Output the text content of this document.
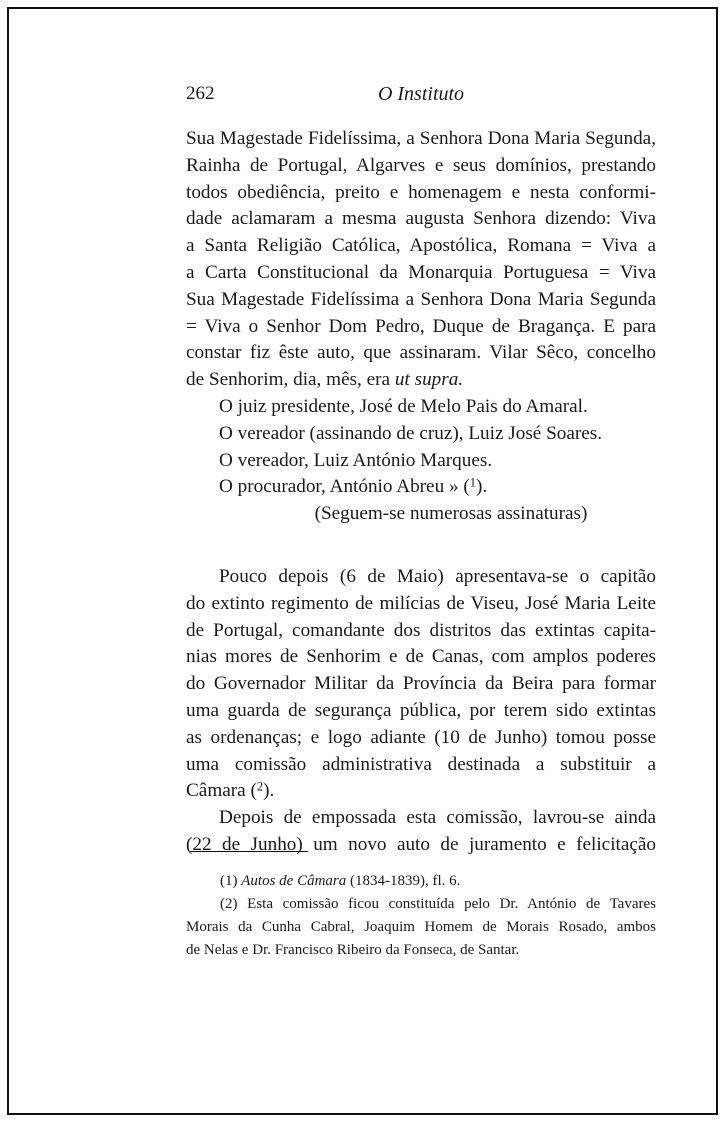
262	O Instituto
Sua Magestade Fidelíssima, a Senhora Dona Maria Segunda,
Rainha de Portugal, Algarves e seus domínios, prestando
todos obediência, preito e homenagem e nesta conformi-
dade aclamaram a mesma augusta Senhora dizendo: Viva
a Santa Religião Católica, Apostólica, Romana = Viva a
a Carta Constitucional da Monarquia Portuguesa = Viva
Sua Magestade Fidelíssima a Senhora Dona Maria Segunda
= Viva o Senhor Dom Pedro, Duque de Bragança. E para
constar fiz êste auto, que assinaram. Vilar Sêco, concelho
de Senhorim, dia, mês, era ut supra.
O juiz presidente, José de Melo Pais do Amaral.
O vereador (assinando de cruz), Luiz José Soares.
O vereador, Luiz António Marques.
O procurador, António Abreu » ($^1$).
(Seguem-se numerosas assinaturas)
Pouco depois (6 de Maio) apresentava-se o capitão
do extinto regimento de milícias de Viseu, José Maria Leite
de Portugal, comandante dos distritos das extintas capita-
nias mores de Senhorim e de Canas, com amplos poderes
do Governador Militar da Província da Beira para formar
uma guarda de segurança pública, por terem sido extintas
as ordenanças; e logo adiante (10 de Junho) tomou posse
uma comissão administrativa destinada a substituir a
Câmara ($^2$).
Depois de empossada esta comissão, lavrou-se ainda
(22 de Junho) um novo auto de juramento e felicitação
(1) Autos de Câmara (1834-1839), fl. 6.
(2) Esta comissão ficou constituída pelo Dr. António de Tavares
Morais da Cunha Cabral, Joaquim Homem de Morais Rosado, ambos
de Nelas e Dr. Francisco Ribeiro da Fonseca, de Santar.
